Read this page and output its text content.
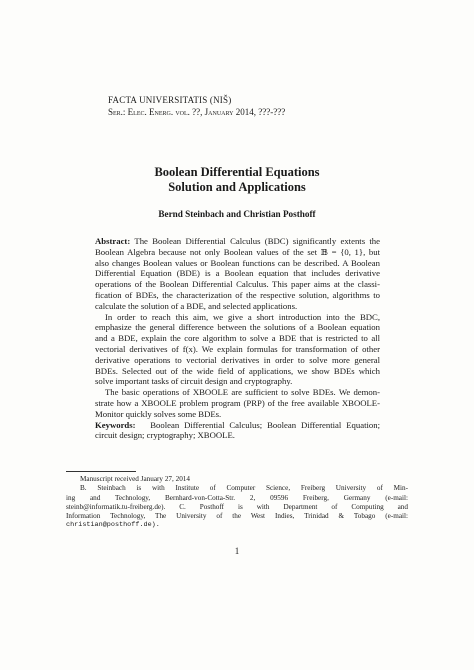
FACTA UNIVERSITATIS (NIŠ)
Ser.: Elec. Energ. vol. ??, January 2014, ???-???
Boolean Differential Equations
Solution and Applications
Bernd Steinbach and Christian Posthoff
Abstract: The Boolean Differential Calculus (BDC) significantly extents the
Boolean Algebra because not only Boolean values of the set 𝔹 = {0, 1}, but
also changes Boolean values or Boolean functions can be described. A Boolean
Differential Equation (BDE) is a Boolean equation that includes derivative
operations of the Boolean Differential Calculus. This paper aims at the classi-
fication of BDEs, the characterization of the respective solution, algorithms to
calculate the solution of a BDE, and selected applications.
In order to reach this aim, we give a short introduction into the BDC,
emphasize the general difference between the solutions of a Boolean equation
and a BDE, explain the core algorithm to solve a BDE that is restricted to all
vectorial derivatives of f(x). We explain formulas for transformation of other
derivative operations to vectorial derivatives in order to solve more general
BDEs. Selected out of the wide field of applications, we show BDEs which
solve important tasks of circuit design and cryptography.
The basic operations of XBOOLE are sufficient to solve BDEs. We demon-
strate how a XBOOLE problem program (PRP) of the free available XBOOLE-
Monitor quickly solves some BDEs.
Keywords: Boolean Differential Calculus; Boolean Differential Equation;
circuit design; cryptography; XBOOLE.
Manuscript received January 27, 2014
B. Steinbach is with Institute of Computer Science, Freiberg University of Min-
ing and Technology, Bernhard-von-Cotta-Str. 2, 09596 Freiberg, Germany (e-mail:
steinb@informatik.tu-freiberg.de). C. Posthoff is with Department of Computing and
Information Technology, The University of the West Indies, Trinidad & Tobago (e-mail:
christian@posthoff.de).
1
